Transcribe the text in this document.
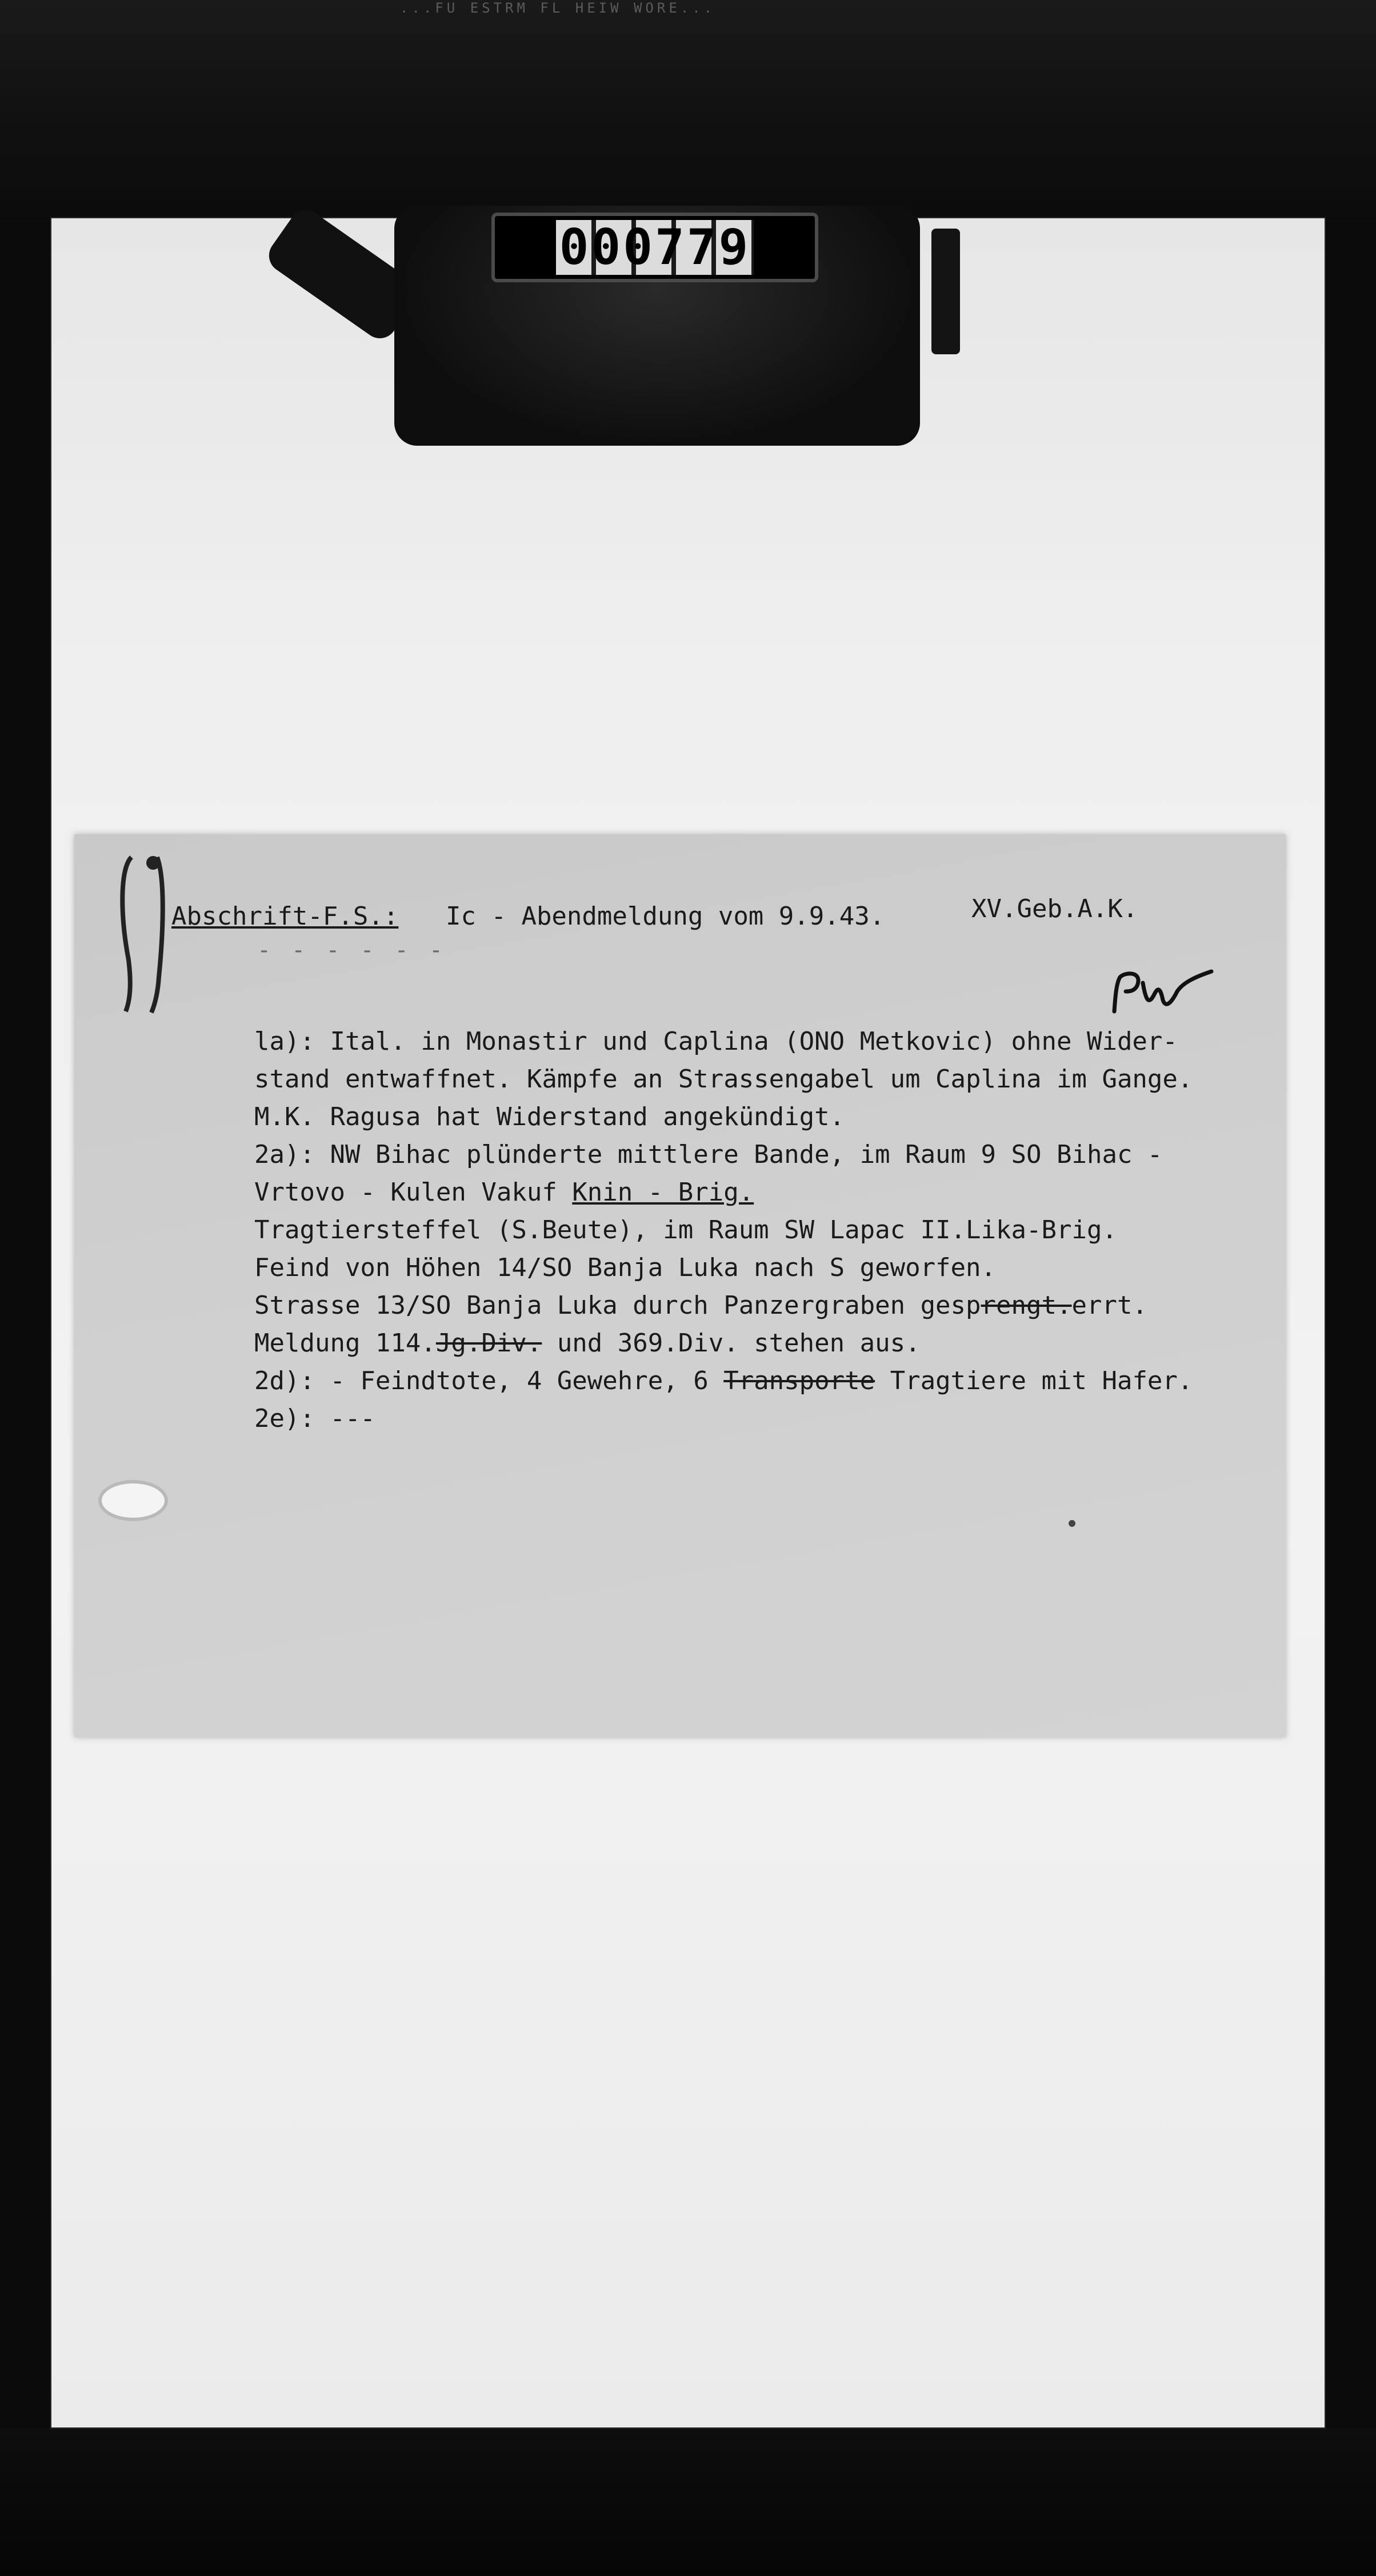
...FU ESTRM FL HEIW WORE...
000779
Abschrift-F.S.: Ic - Abendmeldung vom 9.9.43.	XV.Geb.A.K.
- - - - - -
la): Ital. in Monastir und Caplina (ONO Metkovic) ohne Wider-
stand entwaffnet. Kämpfe an Strassengabel um Caplina im Gange.
M.K. Ragusa hat Widerstand angekündigt.
2a): NW Bihac plünderte mittlere Bande, im Raum 9 SO Bihac -
Vrtovo - Kulen Vakuf Knin - Brig.
Tragtiersteffel (S.Beute), im Raum SW Lapac II.Lika-Brig.
Feind von Höhen 14/SO Banja Luka nach S geworfen.
Strasse 13/SO Banja Luka durch Panzergraben gesprengt.errt.
Meldung 114.Jg.Div. und 369.Div. stehen aus.
2d): - Feindtote, 4 Gewehre, 6 Transporte Tragtiere mit Hafer.
2e): ---
